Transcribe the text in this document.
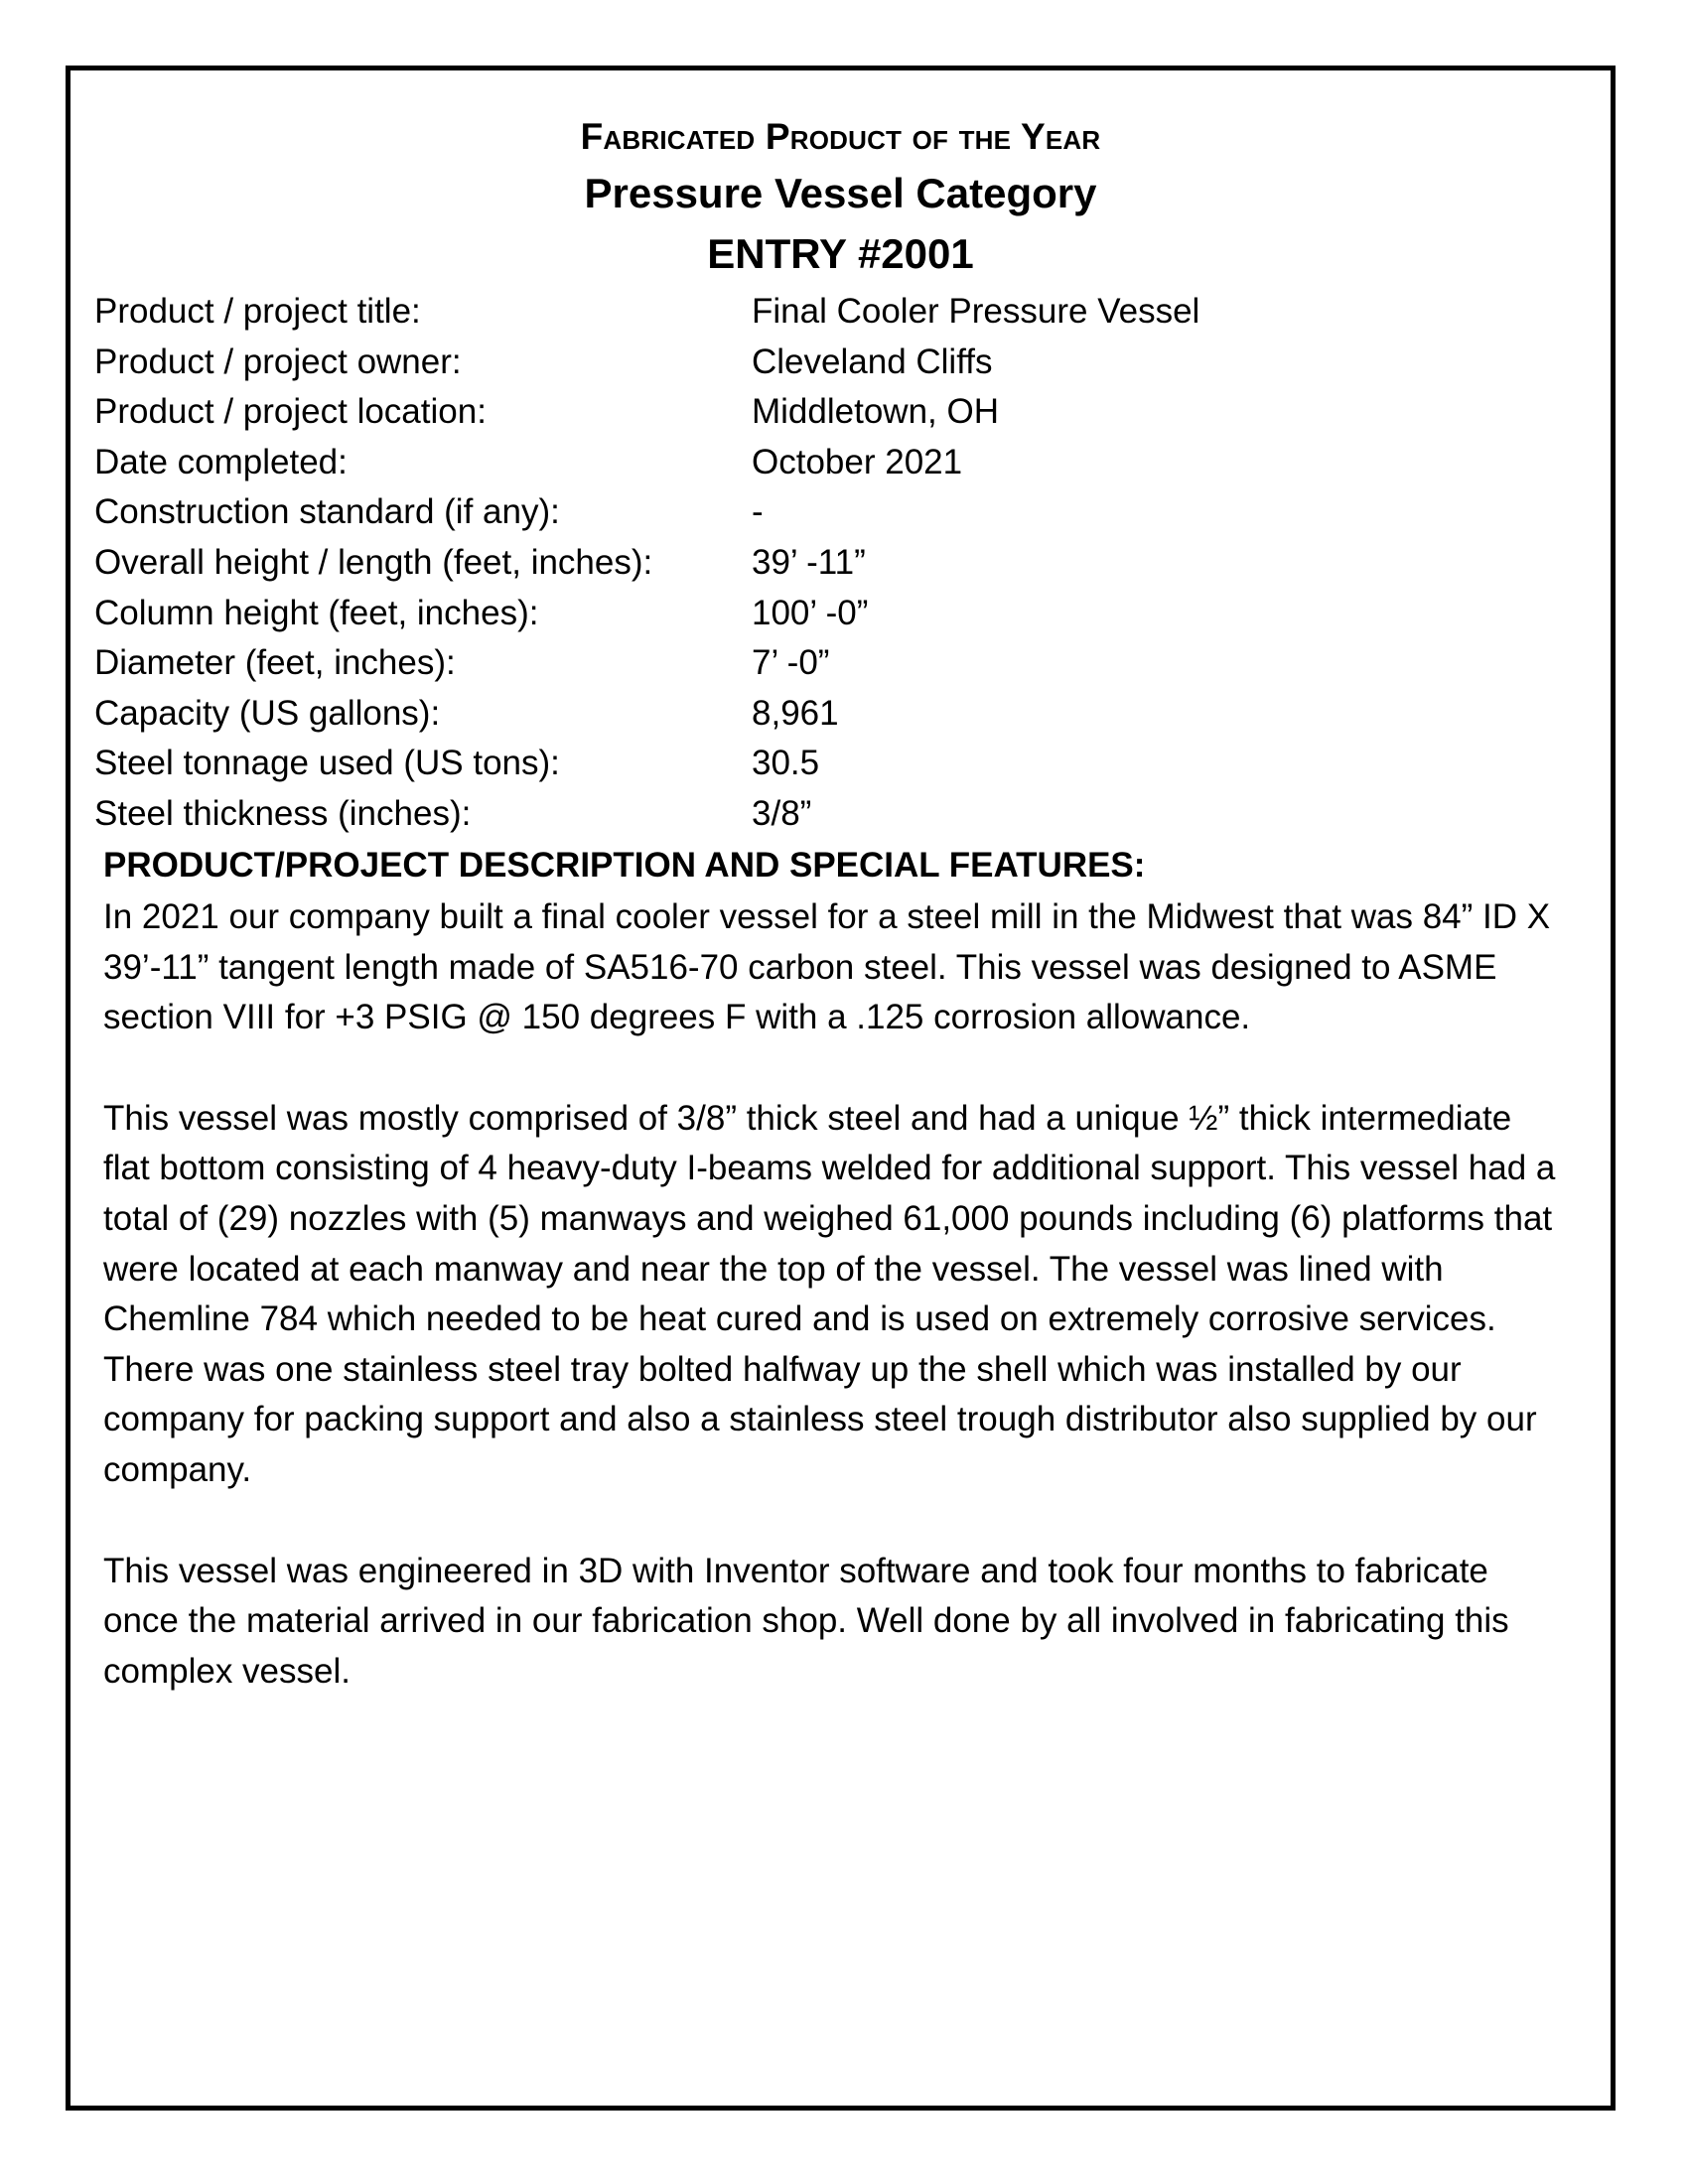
Fabricated Product of the Year
Pressure Vessel Category
ENTRY #2001
Product / project title:	Final Cooler Pressure Vessel
Product / project owner:	Cleveland Cliffs
Product / project location:	Middletown, OH
Date completed:	October 2021
Construction standard (if any):	-
Overall height / length (feet, inches):	39’ -11”
Column height (feet, inches):	100’ -0”
Diameter (feet, inches):	7’ -0”
Capacity (US gallons):	8,961
Steel tonnage used (US tons):	30.5
Steel thickness (inches):	3/8”
PRODUCT/PROJECT DESCRIPTION AND SPECIAL FEATURES:

In 2021 our company built a final cooler vessel for a steel mill in the Midwest that was 84” ID X 39’-11” tangent length made of SA516-70 carbon steel. This vessel was designed to ASME section VIII for +3 PSIG @ 150 degrees F with a .125 corrosion allowance.

This vessel was mostly comprised of 3/8” thick steel and had a unique ½” thick intermediate flat bottom consisting of 4 heavy-duty I-beams welded for additional support. This vessel had a total of (29) nozzles with (5) manways and weighed 61,000 pounds including (6) platforms that were located at each manway and near the top of the vessel. The vessel was lined with Chemline 784 which needed to be heat cured and is used on extremely corrosive services. There was one stainless steel tray bolted halfway up the shell which was installed by our company for packing support and also a stainless steel trough distributor also supplied by our company.

This vessel was engineered in 3D with Inventor software and took four months to fabricate once the material arrived in our fabrication shop. Well done by all involved in fabricating this complex vessel.
